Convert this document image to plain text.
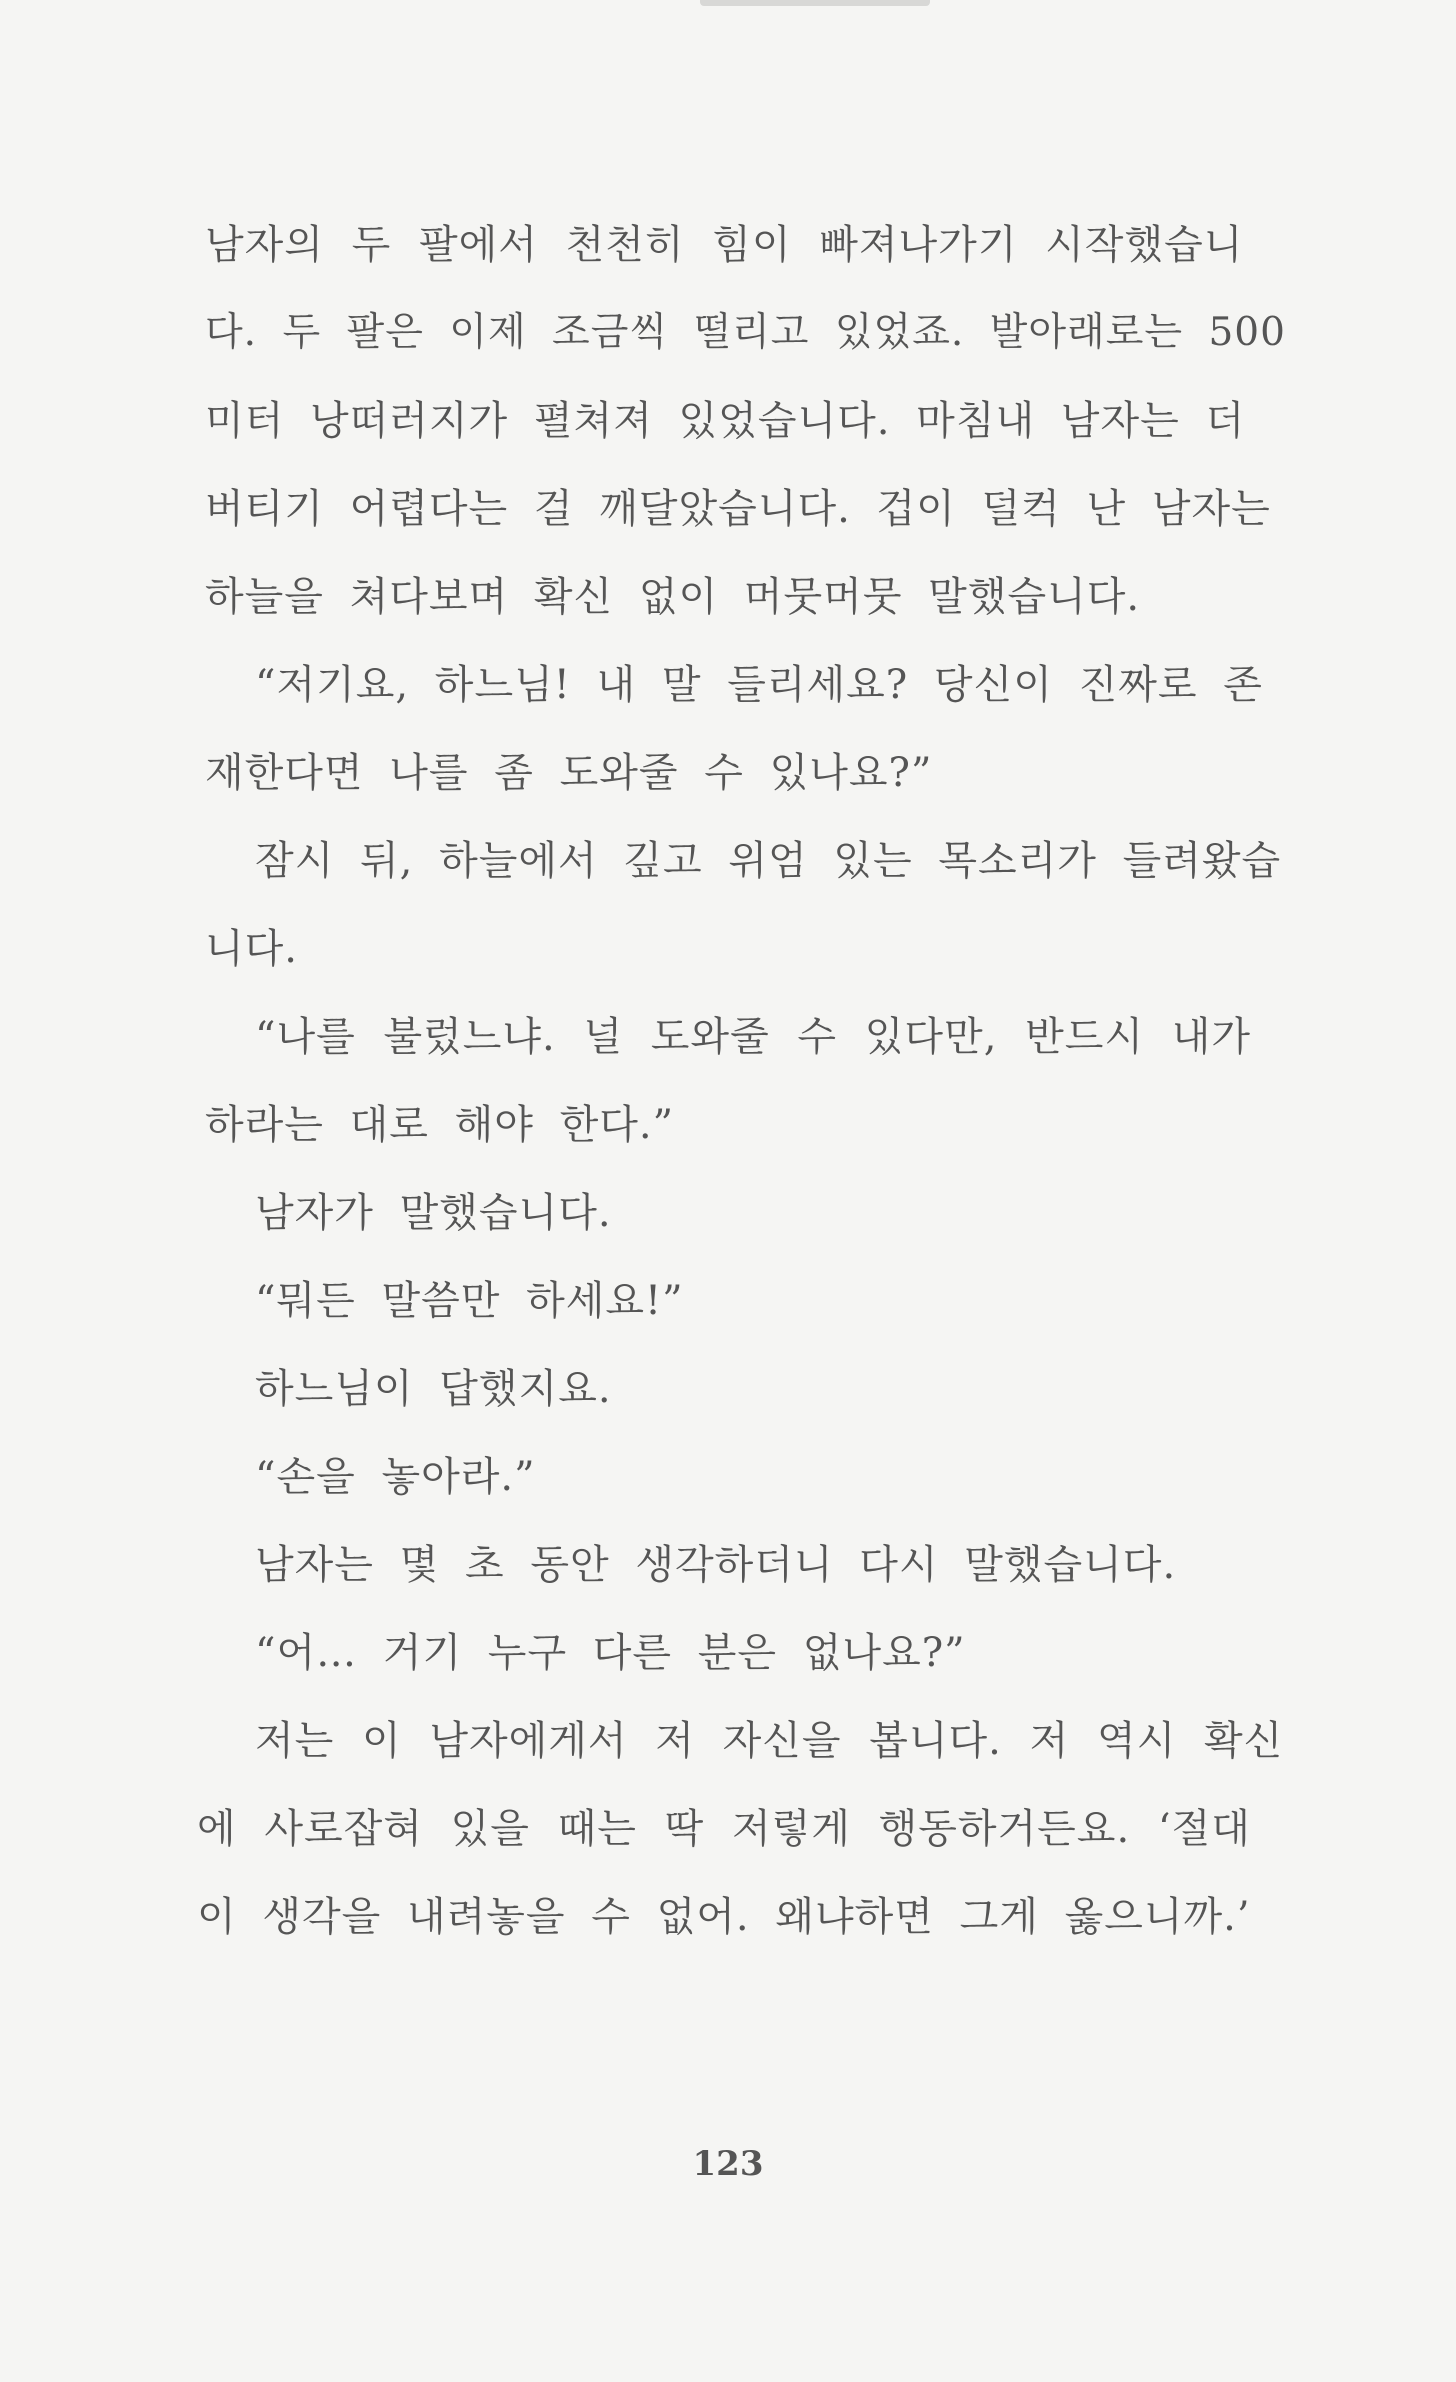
남자의 두 팔에서 천천히 힘이 빠져나가기 시작했습니

다. 두 팔은 이제 조금씩 떨리고 있었죠. 발아래로는 500

미터 낭떠러지가 펼쳐져 있었습니다. 마침내 남자는 더

버티기 어렵다는 걸 깨달았습니다. 겁이 덜컥 난 남자는

하늘을 쳐다보며 확신 없이 머뭇머뭇 말했습니다.

“저기요, 하느님! 내 말 들리세요? 당신이 진짜로 존

재한다면 나를 좀 도와줄 수 있나요?”

잠시 뒤, 하늘에서 깊고 위엄 있는 목소리가 들려왔습

니다.

“나를 불렀느냐. 널 도와줄 수 있다만, 반드시 내가

하라는 대로 해야 한다.”

남자가 말했습니다.

“뭐든 말씀만 하세요!”

하느님이 답했지요.

“손을 놓아라.”

남자는 몇 초 동안 생각하더니 다시 말했습니다.

“어… 거기 누구 다른 분은 없나요?”

저는 이 남자에게서 저 자신을 봅니다. 저 역시 확신

에 사로잡혀 있을 때는 딱 저렇게 행동하거든요. ‘절대

이 생각을 내려놓을 수 없어. 왜냐하면 그게 옳으니까.’

123
